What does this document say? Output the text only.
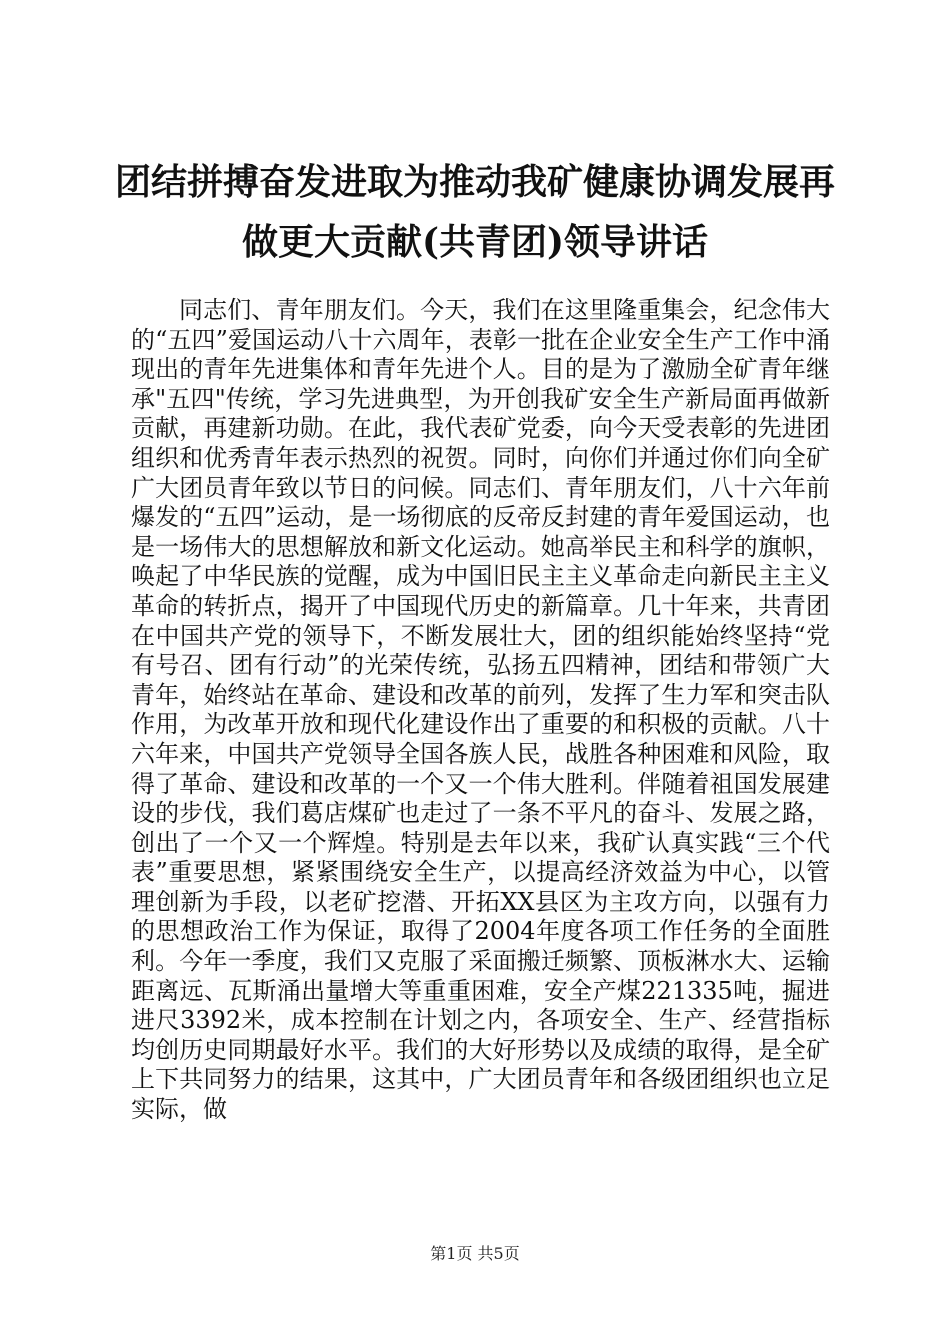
团结拼搏奋发进取为推动我矿健康协调发展再
做更大贡献(共青团)领导讲话

同志们、青年朋友们。今天，我们在这里隆重集会，纪念伟大的“五四”爱国运动八十六周年，表彰一批在企业安全生产工作中涌现出的青年先进集体和青年先进个人。目的是为了激励全矿青年继承"五四"传统，学习先进典型，为开创我矿安全生产新局面再做新贡献，再建新功勋。在此，我代表矿党委，向今天受表彰的先进团组织和优秀青年表示热烈的祝贺。同时，向你们并通过你们向全矿广大团员青年致以节日的问候。同志们、青年朋友们，八十六年前爆发的“五四”运动，是一场彻底的反帝反封建的青年爱国运动，也是一场伟大的思想解放和新文化运动。她高举民主和科学的旗帜，唤起了中华民族的觉醒，成为中国旧民主主义革命走向新民主主义革命的转折点，揭开了中国现代历史的新篇章。几十年来，共青团在中国共产党的领导下，不断发展壮大，团的组织能始终坚持“党有号召、团有行动”的光荣传统，弘扬五四精神，团结和带领广大青年，始终站在革命、建设和改革的前列，发挥了生力军和突击队作用，为改革开放和现代化建设作出了重要的和积极的贡献。八十六年来，中国共产党领导全国各族人民，战胜各种困难和风险，取得了革命、建设和改革的一个又一个伟大胜利。伴随着祖国发展建设的步伐，我们葛店煤矿也走过了一条不平凡的奋斗、发展之路，创出了一个又一个辉煌。特别是去年以来，我矿认真实践“三个代表”重要思想，紧紧围绕安全生产，以提高经济效益为中心，以管理创新为手段，以老矿挖潜、开拓XX县区为主攻方向，以强有力的思想政治工作为保证，取得了2004年度各项工作任务的全面胜利。今年一季度，我们又克服了采面搬迁频繁、顶板淋水大、运输距离远、瓦斯涌出量增大等重重困难，安全产煤221335吨，掘进进尺3392米，成本控制在计划之内，各项安全、生产、经营指标均创历史同期最好水平。我们的大好形势以及成绩的取得，是全矿上下共同努力的结果，这其中，广大团员青年和各级团组织也立足实际，做

第1页 共5页
